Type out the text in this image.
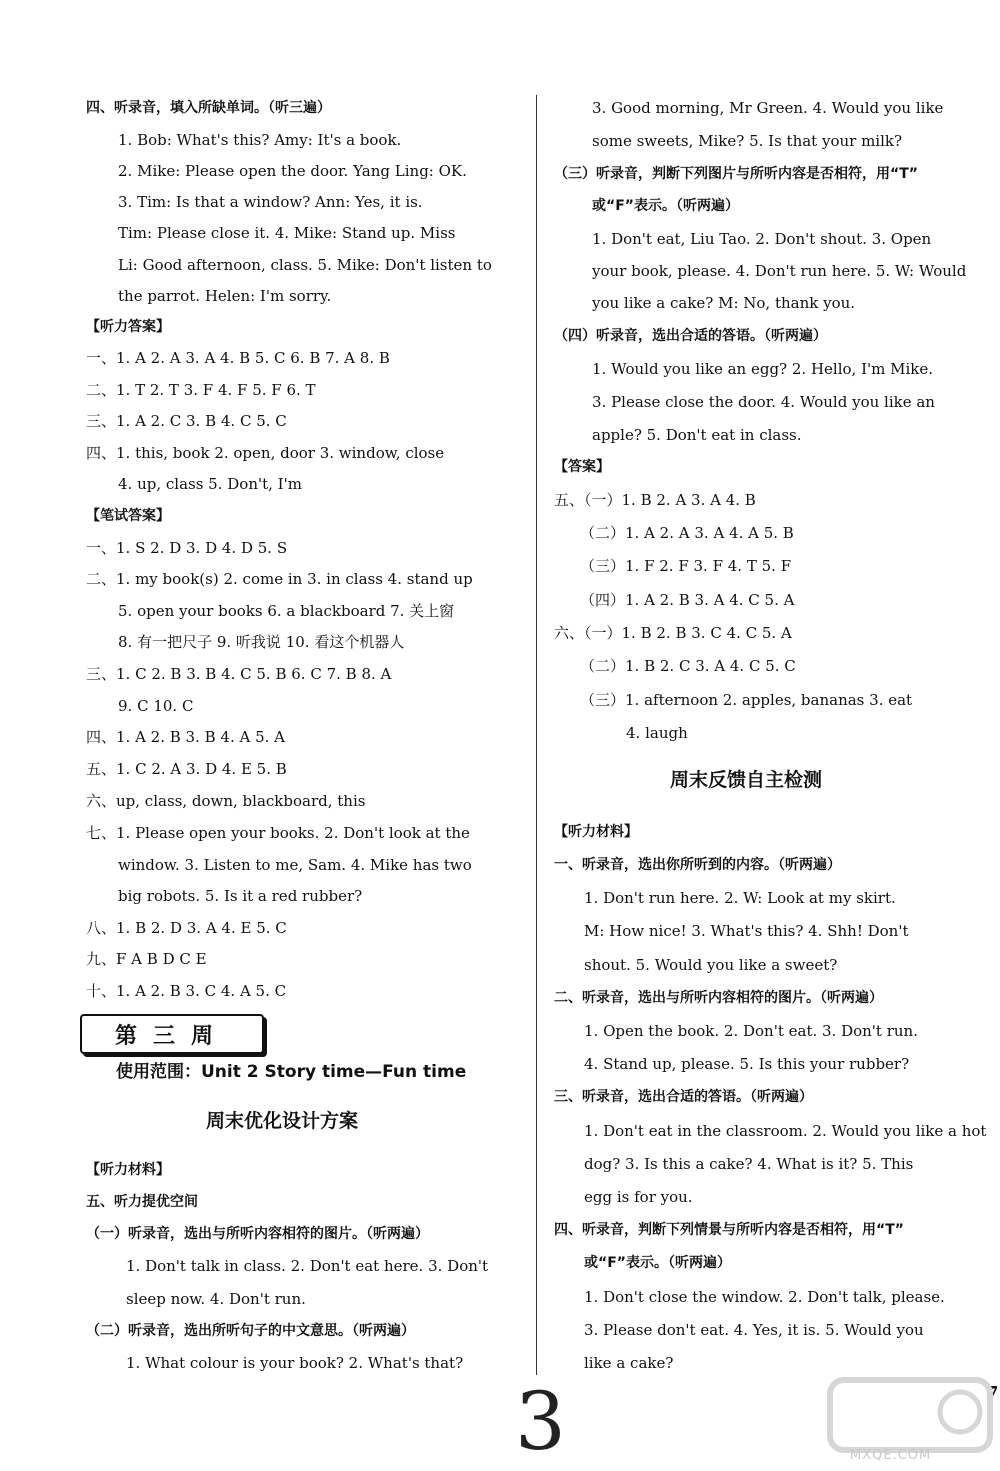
四、听录音，填入所缺单词。（听三遍）
1. Bob: What's this? Amy: It's a book.
2. Mike: Please open the door. Yang Ling: OK.
3. Tim: Is that a window? Ann: Yes, it is.
Tim: Please close it. 4. Mike: Stand up. Miss
Li: Good afternoon, class. 5. Mike: Don't listen to
the parrot. Helen: I'm sorry.
【听力答案】
一、1. A 2. A 3. A 4. B 5. C 6. B 7. A 8. B
二、1. T 2. T 3. F 4. F 5. F 6. T
三、1. A 2. C 3. B 4. C 5. C
四、1. this, book 2. open, door 3. window, close
4. up, class 5. Don't, I'm
【笔试答案】
一、1. S 2. D 3. D 4. D 5. S
二、1. my book(s) 2. come in 3. in class 4. stand up
5. open your books 6. a blackboard 7. 关上窗
8. 有一把尺子 9. 听我说 10. 看这个机器人
三、1. C 2. B 3. B 4. C 5. B 6. C 7. B 8. A
9. C 10. C
四、1. A 2. B 3. B 4. A 5. A
五、1. C 2. A 3. D 4. E 5. B
六、up, class, down, blackboard, this
七、1. Please open your books. 2. Don't look at the
window. 3. Listen to me, Sam. 4. Mike has two
big robots. 5. Is it a red rubber?
八、1. B 2. D 3. A 4. E 5. C
九、F A B D C E
十、1. A 2. B 3. C 4. A 5. C
第三周
使用范围：Unit 2 Story time—Fun time
周末优化设计方案
【听力材料】
五、听力提优空间
（一）听录音，选出与所听内容相符的图片。（听两遍）
1. Don't talk in class. 2. Don't eat here. 3. Don't
sleep now. 4. Don't run.
（二）听录音，选出所听句子的中文意思。（听两遍）
1. What colour is your book? 2. What's that?
3. Good morning, Mr Green. 4. Would you like
some sweets, Mike? 5. Is that your milk?
（三）听录音，判断下列图片与所听内容是否相符，用“T”
或“F”表示。（听两遍）
1. Don't eat, Liu Tao. 2. Don't shout. 3. Open
your book, please. 4. Don't run here. 5. W: Would
you like a cake? M: No, thank you.
（四）听录音，选出合适的答语。（听两遍）
1. Would you like an egg? 2. Hello, I'm Mike.
3. Please close the door. 4. Would you like an
apple? 5. Don't eat in class.
【答案】
五、（一）1. B 2. A 3. A 4. B
（二）1. A 2. A 3. A 4. A 5. B
（三）1. F 2. F 3. F 4. T 5. F
（四）1. A 2. B 3. A 4. C 5. A
六、（一）1. B 2. B 3. C 4. C 5. A
（二）1. B 2. C 3. A 4. C 5. C
（三）1. afternoon 2. apples, bananas 3. eat
4. laugh
周末反馈自主检测
【听力材料】
一、听录音，选出你所听到的内容。（听两遍）
1. Don't run here. 2. W: Look at my skirt.
M: How nice! 3. What's this? 4. Shh! Don't
shout. 5. Would you like a sweet?
二、听录音，选出与所听内容相符的图片。（听两遍）
1. Open the book. 2. Don't eat. 3. Don't run.
4. Stand up, please. 5. Is this your rubber?
三、听录音，选出合适的答语。（听两遍）
1. Don't eat in the classroom. 2. Would you like a hot
dog? 3. Is this a cake? 4. What is it? 5. This
egg is for you.
四、听录音，判断下列情景与所听内容是否相符，用“T”
或“F”表示。（听两遍）
1. Don't close the window. 2. Don't talk, please.
3. Please don't eat. 4. Yes, it is. 5. Would you
like a cake?
3	7
MXQE.COM
